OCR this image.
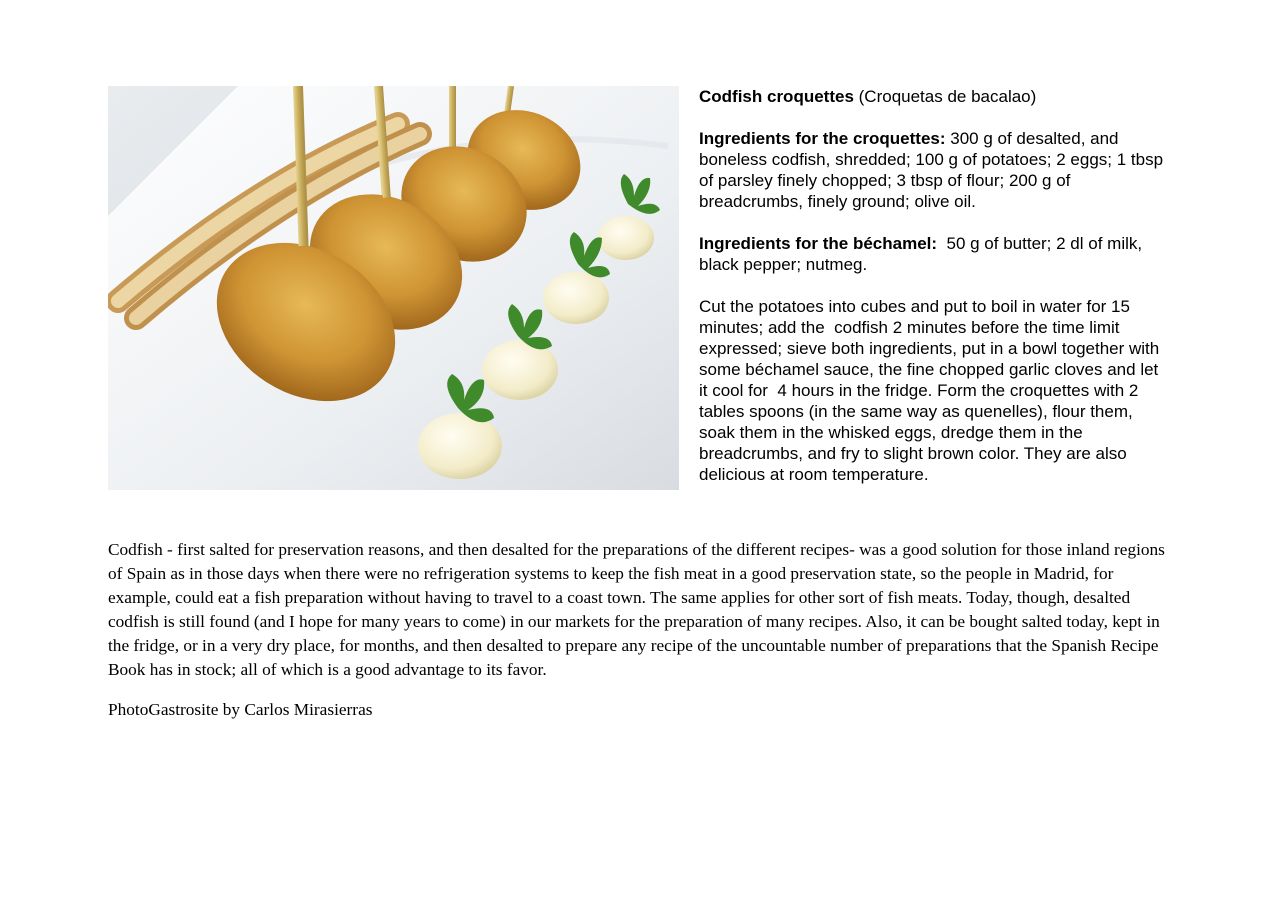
Codfish croquettes (Croquetas de bacalao)

Ingredients for the croquettes: 300 g of desalted, and boneless codfish, shredded; 100 g of potatoes; 2 eggs; 1 tbsp of parsley finely chopped; 3 tbsp of flour; 200 g of breadcrumbs, finely ground; olive oil.

Ingredients for the béchamel: 50 g of butter; 2 dl of milk, black pepper; nutmeg.

Cut the potatoes into cubes and put to boil in water for 15 minutes; add the  codfish 2 minutes before the time limit expressed; sieve both ingredients, put in a bowl together with  some béchamel sauce, the fine chopped garlic cloves and let it cool for  4 hours in the fridge. Form the croquettes with 2 tables spoons (in the same way as quenelles), flour them, soak them in the whisked eggs, dredge them in the breadcrumbs, and fry to slight brown color. They are also delicious at room temperature.

Codfish - first salted for preservation reasons, and then desalted for the preparations of the different recipes- was a good solution for those inland regions of Spain as in those days when there were no refrigeration systems to keep the fish meat in a good preservation state, so the people in Madrid, for example, could eat a fish preparation without having to travel to a coast town. The same applies for other sort of fish meats. Today, though, desalted codfish is still found (and I hope for many years to come) in our markets for the preparation of many recipes. Also, it can be bought salted today, kept in the fridge, or in a very dry place, for months, and then desalted to prepare any recipe of the uncountable number of preparations that the Spanish Recipe Book has in stock; all of which is a good advantage to its favor.

PhotoGastrosite by Carlos Mirasierras
